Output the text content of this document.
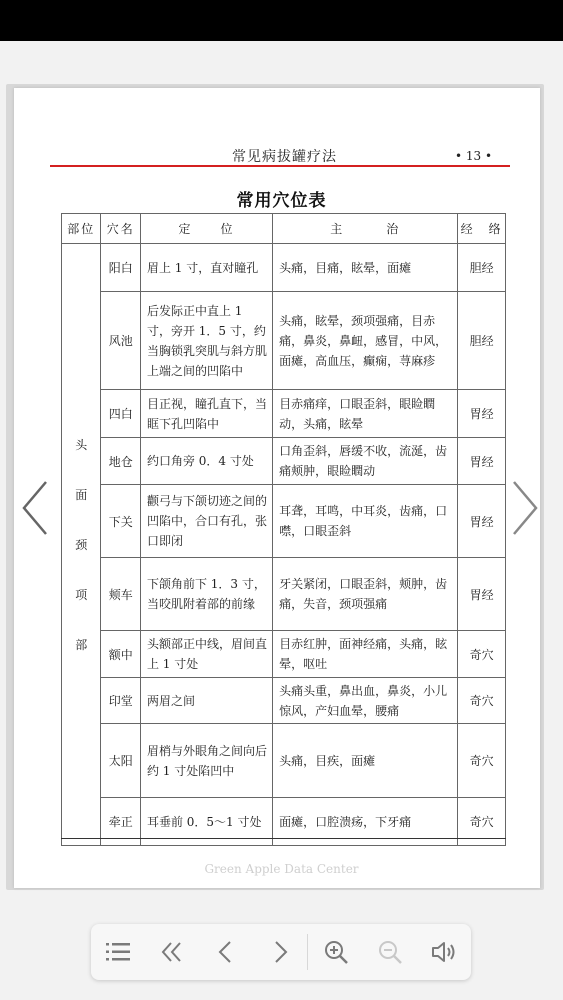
常见病拔罐疗法	• 13 •
常用穴位表
部位	穴名	定　　位	主　　　治	经　络

头
面
颈
项
部	阳白	眉上 1 寸，直对瞳孔	头痛，目痛，眩晕，面瘫	胆经
	风池	后发际正中直上 1 寸，旁开 1．5 寸，约当胸锁乳突肌与斜方肌上端之间的凹陷中	头痛，眩晕，颈项强痛，目赤痛，鼻炎，鼻衄，感冒，中风，面瘫，高血压，癫痫，荨麻疹	胆经
	四白	目正视，瞳孔直下，当眶下孔凹陷中	目赤痛痒，口眼歪斜，眼睑瞤动，头痛，眩晕	胃经
	地仓	约口角旁 0．4 寸处	口角歪斜，唇缓不收，流涎，齿痛颊肿，眼睑瞤动	胃经
	下关	颧弓与下颌切迹之间的凹陷中，合口有孔，张口即闭	耳聋，耳鸣，中耳炎，齿痛，口噤，口眼歪斜	胃经
	颊车	下颌角前下 1．3 寸，当咬肌附着部的前缘	牙关紧闭，口眼歪斜，颊肿，齿痛，失音，颈项强痛	胃经
	额中	头额部正中线，眉间直上 1 寸处	目赤红肿，面神经痛，头痛，眩晕，呕吐	奇穴
	印堂	两眉之间	头痛头重，鼻出血，鼻炎，小儿惊风，产妇血晕，腰痛	奇穴
	太阳	眉梢与外眼角之间向后约 1 寸处陷凹中	头痛，目疾，面瘫	奇穴
	牵正	耳垂前 0．5～1 寸处	面瘫，口腔溃疡，下牙痛	奇穴
Green Apple Data Center
